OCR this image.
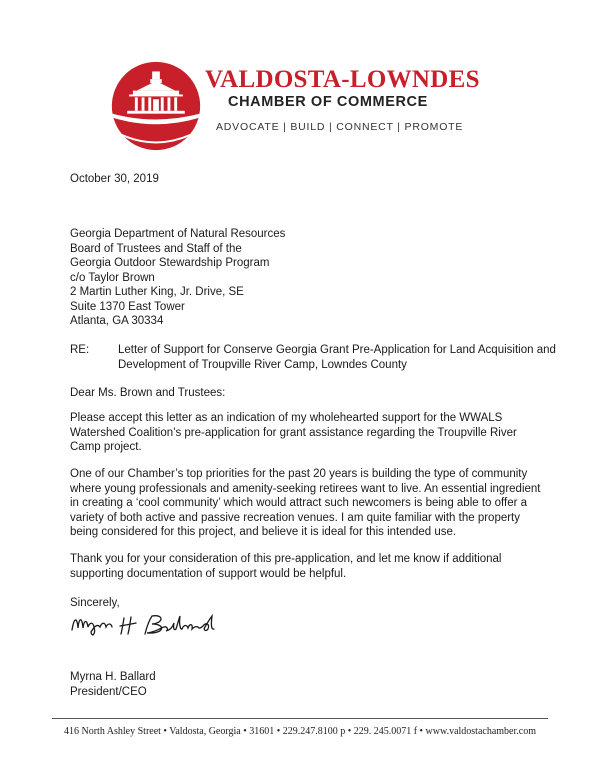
VALDOSTA-LOWNDES
CHAMBER OF COMMERCE
ADVOCATE | BUILD | CONNECT | PROMOTE
October 30, 2019
Georgia Department of Natural Resources
Board of Trustees and Staff of the
Georgia Outdoor Stewardship Program
c/o Taylor Brown
2 Martin Luther King, Jr. Drive, SE
Suite 1370 East Tower
Atlanta, GA 30334
RE:	Letter of Support for Conserve Georgia Grant Pre-Application for Land Acquisition and
Development of Troupville River Camp, Lowndes County
Dear Ms. Brown and Trustees:
Please accept this letter as an indication of my wholehearted support for the WWALS
Watershed Coalition’s pre-application for grant assistance regarding the Troupville River
Camp project.
One of our Chamber’s top priorities for the past 20 years is building the type of community
where young professionals and amenity-seeking retirees want to live. An essential ingredient
in creating a ‘cool community’ which would attract such newcomers is being able to offer a
variety of both active and passive recreation venues. I am quite familiar with the property
being considered for this project, and believe it is ideal for this intended use.
Thank you for your consideration of this pre-application, and let me know if additional
supporting documentation of support would be helpful.
Sincerely,
Myrna H. Ballard
President/CEO
416 North Ashley Street • Valdosta, Georgia • 31601 • 229.247.8100 p • 229. 245.0071 f • www.valdostachamber.com
